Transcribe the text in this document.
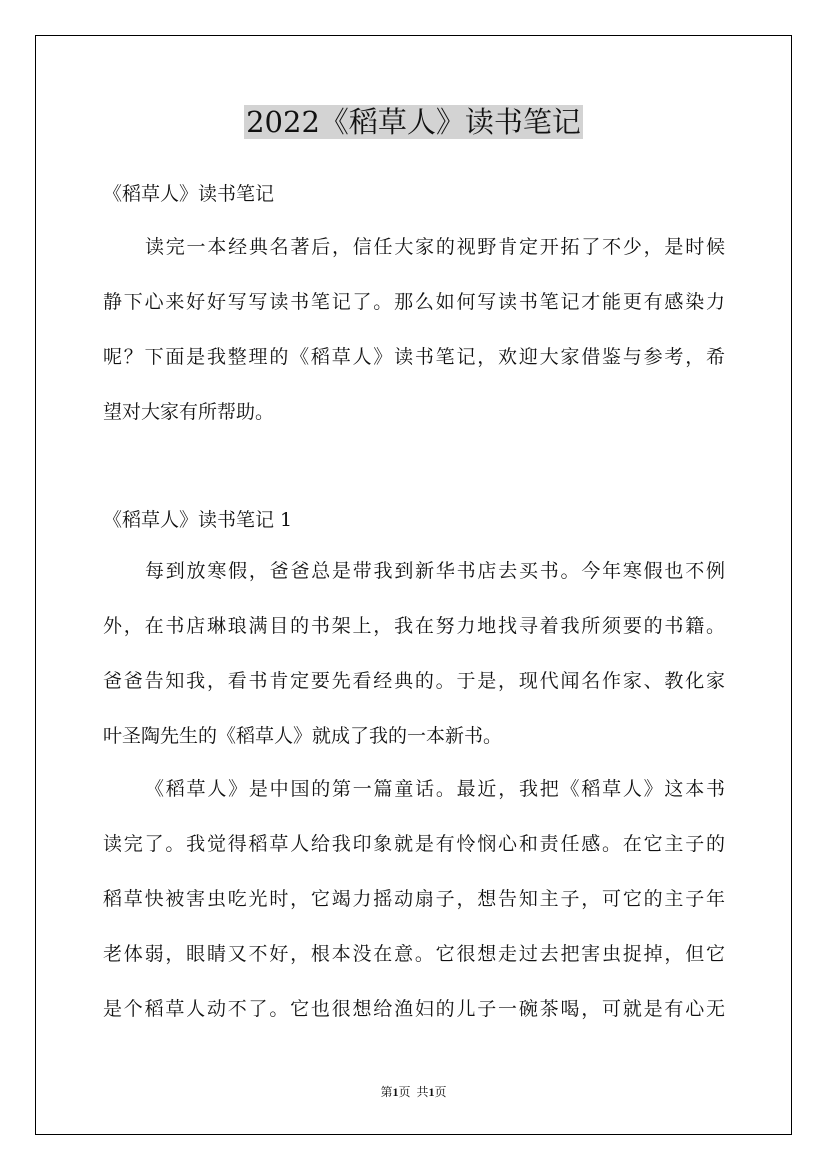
2022《稻草人》读书笔记
《稻草人》读书笔记
读完一本经典名著后，信任大家的视野肯定开拓了不少，是时候
静下心来好好写写读书笔记了。那么如何写读书笔记才能更有感染力
呢？下面是我整理的《稻草人》读书笔记，欢迎大家借鉴与参考，希
望对大家有所帮助。
《稻草人》读书笔记 1
每到放寒假，爸爸总是带我到新华书店去买书。今年寒假也不例
外，在书店琳琅满目的书架上，我在努力地找寻着我所须要的书籍。
爸爸告知我，看书肯定要先看经典的。于是，现代闻名作家、教化家
叶圣陶先生的《稻草人》就成了我的一本新书。
《稻草人》是中国的第一篇童话。最近，我把《稻草人》这本书
读完了。我觉得稻草人给我印象就是有怜悯心和责任感。在它主子的
稻草快被害虫吃光时，它竭力摇动扇子，想告知主子，可它的主子年
老体弱，眼睛又不好，根本没在意。它很想走过去把害虫捉掉，但它
是个稻草人动不了。它也很想给渔妇的儿子一碗茶喝，可就是有心无
第1页  共1页
